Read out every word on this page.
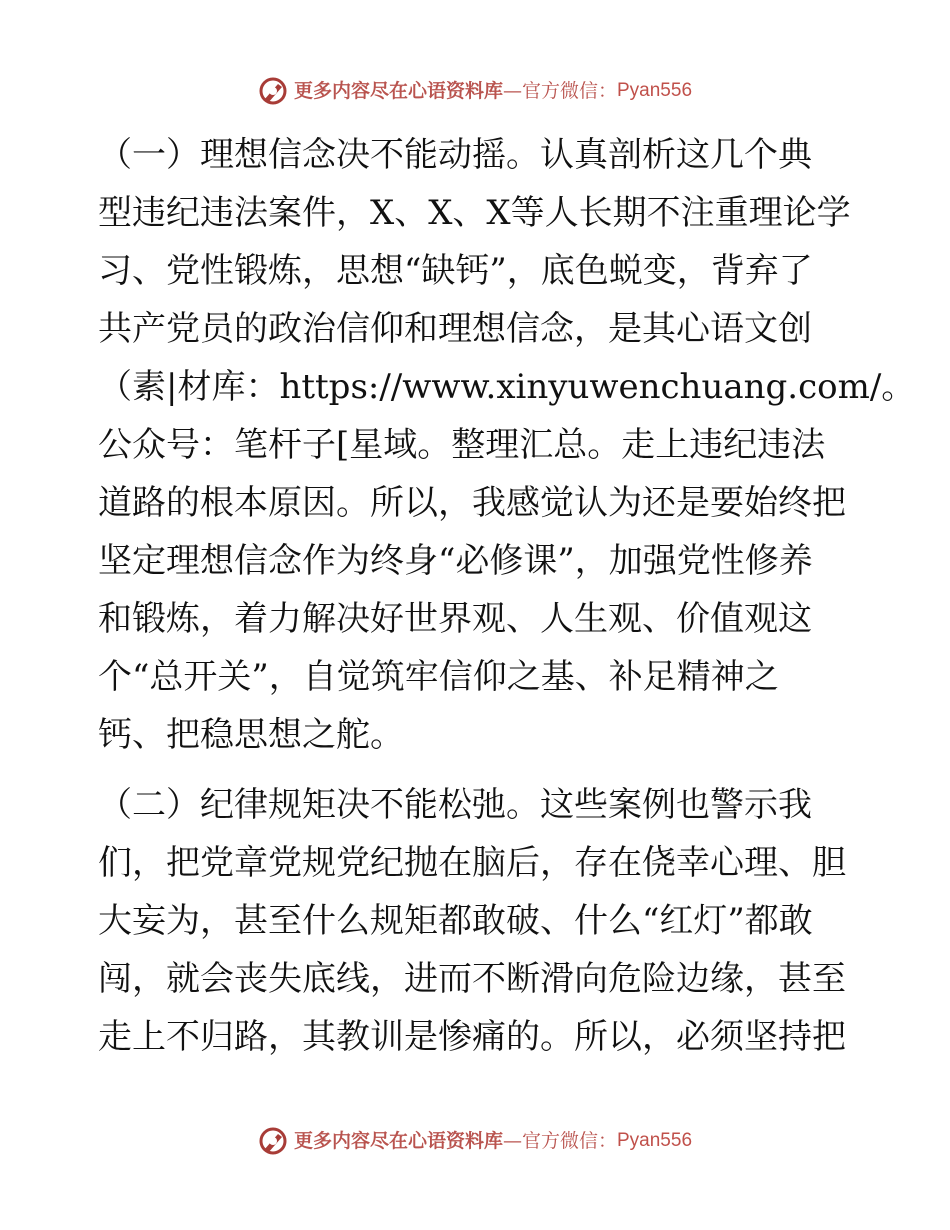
更多内容尽在心语资料库—官方微信：Pyan556
（一）理想信念决不能动摇。认真剖析这几个典
型违纪违法案件，X、X、X等人长期不注重理论学
习、党性锻炼，思想“缺钙”，底色蜕变，背弃了
共产党员的政治信仰和理想信念，是其心语文创
（素|材库：https://www.xinyuwenchuang.com/。
公众号：笔杆子[星域。整理汇总。走上违纪违法
道路的根本原因。所以，我感觉认为还是要始终把
坚定理想信念作为终身“必修课”，加强党性修养
和锻炼，着力解决好世界观、人生观、价值观这
个“总开关”，自觉筑牢信仰之基、补足精神之
钙、把稳思想之舵。
（二）纪律规矩决不能松弛。这些案例也警示我
们，把党章党规党纪抛在脑后，存在侥幸心理、胆
大妄为，甚至什么规矩都敢破、什么“红灯”都敢
闯，就会丧失底线，进而不断滑向危险边缘，甚至
走上不归路，其教训是惨痛的。所以，必须坚持把
更多内容尽在心语资料库—官方微信：Pyan556
